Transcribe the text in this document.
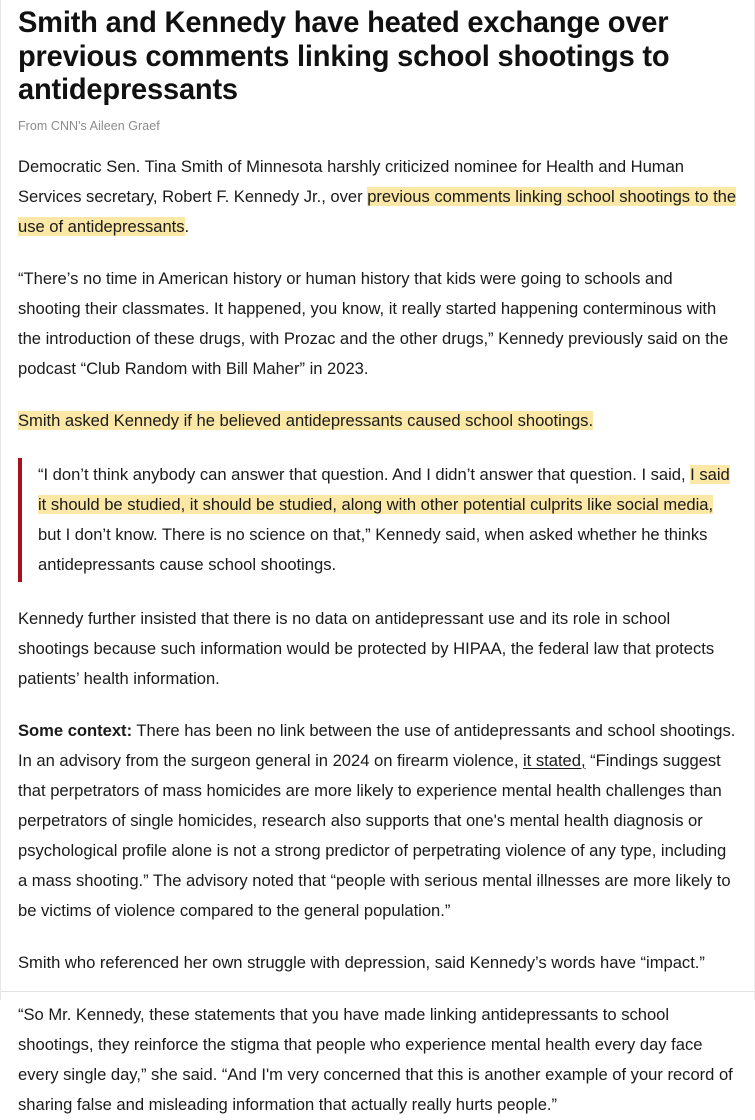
Smith and Kennedy have heated exchange over previous comments linking school shootings to antidepressants
From CNN's Aileen Graef

Democratic Sen. Tina Smith of Minnesota harshly criticized nominee for Health and Human Services secretary, Robert F. Kennedy Jr., over previous comments linking school shootings to the use of antidepressants.

“There’s no time in American history or human history that kids were going to schools and shooting their classmates. It happened, you know, it really started happening conterminous with the introduction of these drugs, with Prozac and the other drugs,” Kennedy previously said on the podcast “Club Random with Bill Maher” in 2023.

Smith asked Kennedy if he believed antidepressants caused school shootings.

“I don’t think anybody can answer that question. And I didn’t answer that question. I said, I said it should be studied, it should be studied, along with other potential culprits like social media, but I don’t know. There is no science on that,” Kennedy said, when asked whether he thinks antidepressants cause school shootings.

Kennedy further insisted that there is no data on antidepressant use and its role in school shootings because such information would be protected by HIPAA, the federal law that protects patients’ health information.

Some context: There has been no link between the use of antidepressants and school shootings. In an advisory from the surgeon general in 2024 on firearm violence, it stated, “Findings suggest that perpetrators of mass homicides are more likely to experience mental health challenges than perpetrators of single homicides, research also supports that one's mental health diagnosis or psychological profile alone is not a strong predictor of perpetrating violence of any type, including a mass shooting.” The advisory noted that “people with serious mental illnesses are more likely to be victims of violence compared to the general population.”

Smith who referenced her own struggle with depression, said Kennedy’s words have “impact.”

“So Mr. Kennedy, these statements that you have made linking antidepressants to school shootings, they reinforce the stigma that people who experience mental health every day face every single day,” she said. “And I'm very concerned that this is another example of your record of sharing false and misleading information that actually really hurts people.”
